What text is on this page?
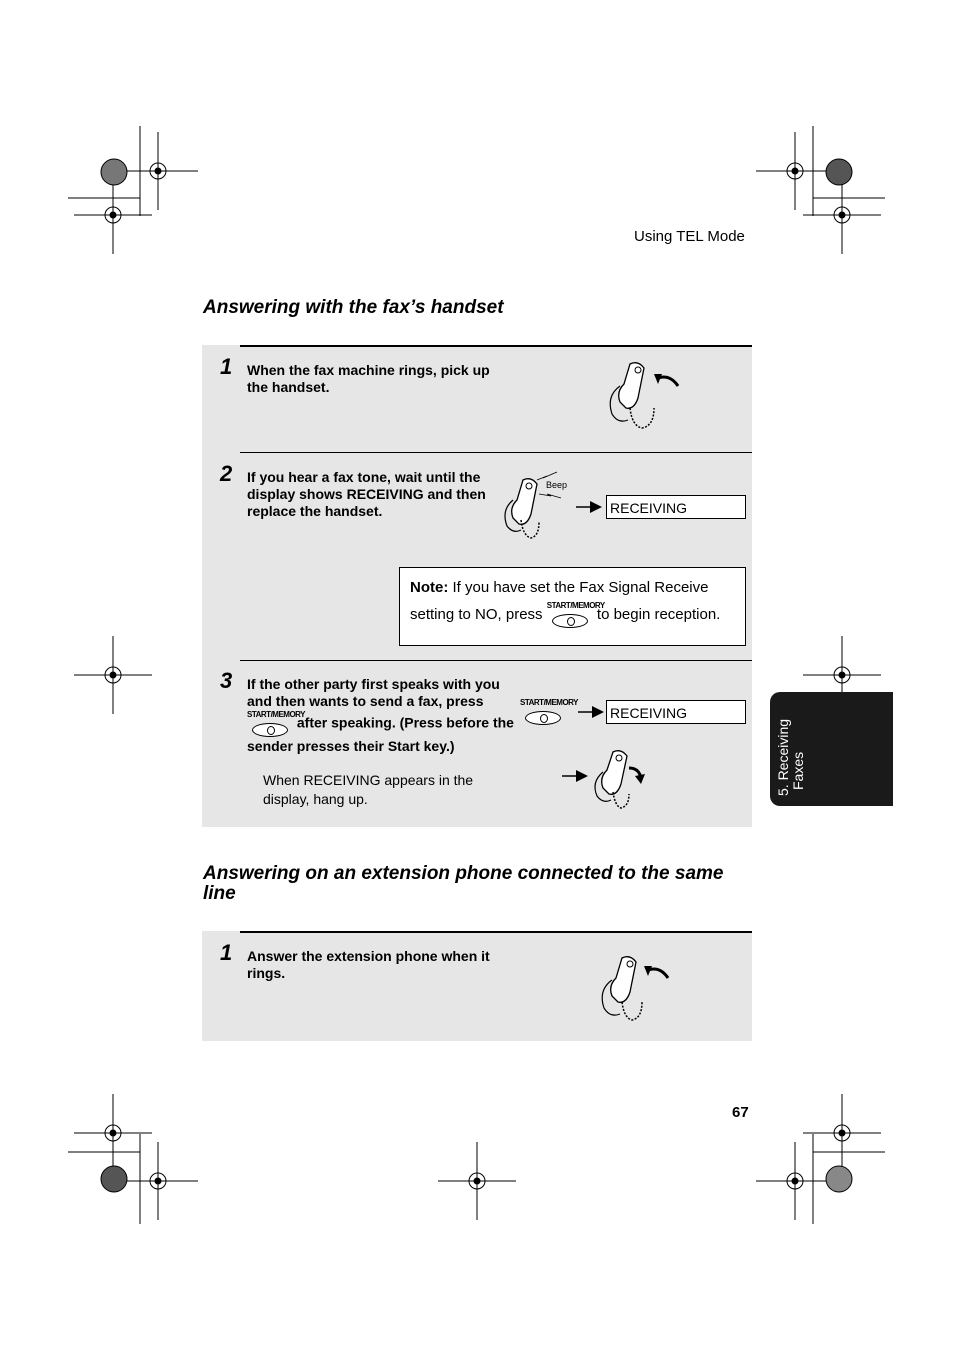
Using TEL Mode
Answering with the fax’s handset
1 When the fax machine rings, pick up the handset.
2 If you hear a fax tone, wait until the display shows RECEIVING and then replace the handset.
Beep
RECEIVING
Note: If you have set the Fax Signal Receive setting to NO, press
START/MEMORY
to begin reception.
3 If the other party first speaks with you and then wants to send a fax, press

START/MEMORY
after speaking. (Press before the sender presses their Start key.)
START/MEMORY
RECEIVING
When RECEIVING appears in the display, hang up.
Answering on an extension phone connected to the same line
1 Answer the extension phone when it rings.
5. Receiving Faxes
67
